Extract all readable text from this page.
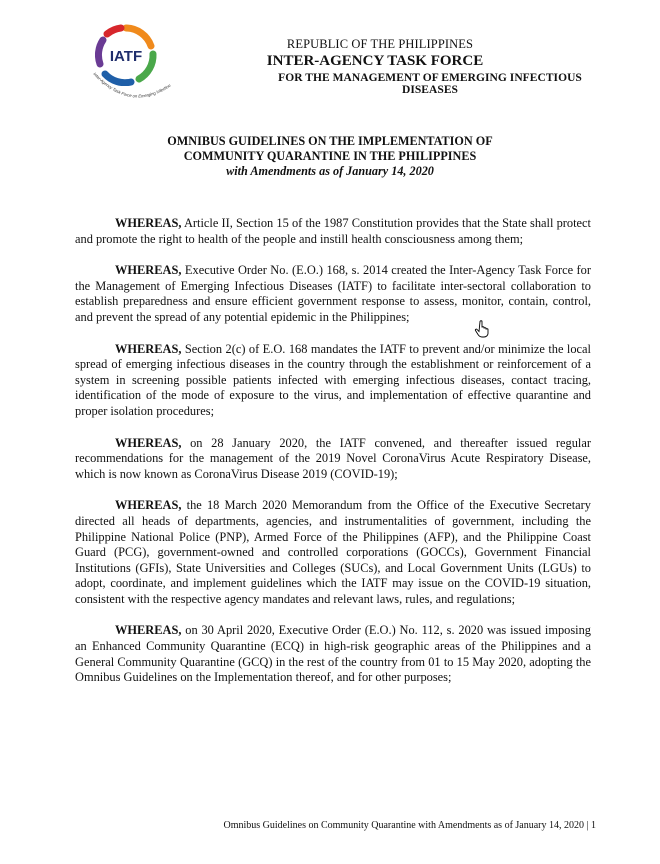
IATF
Inter-Agency Task Force on Emerging Infectiou
REPUBLIC OF THE PHILIPPINES
INTER-AGENCY TASK FORCE
FOR THE MANAGEMENT OF EMERGING INFECTIOUS DISEASES
OMNIBUS GUIDELINES ON THE IMPLEMENTATION OF
COMMUNITY QUARANTINE IN THE PHILIPPINES
with Amendments as of January 14, 2020

WHEREAS, Article II, Section 15 of the 1987 Constitution provides that the State shall protect and promote the right to health of the people and instill health consciousness among them;

WHEREAS, Executive Order No. (E.O.) 168, s. 2014 created the Inter-Agency Task Force for the Management of Emerging Infectious Diseases (IATF) to facilitate inter-sectoral collaboration to establish preparedness and ensure efficient government response to assess, monitor, contain, control, and prevent the spread of any potential epidemic in the Philippines;

WHEREAS, Section 2(c) of E.O. 168 mandates the IATF to prevent and/or minimize the local spread of emerging infectious diseases in the country through the establishment or reinforcement of a system in screening possible patients infected with emerging infectious diseases, contact tracing, identification of the mode of exposure to the virus, and implementation of effective quarantine and proper isolation procedures;

WHEREAS, on 28 January 2020, the IATF convened, and thereafter issued regular recommendations for the management of the 2019 Novel CoronaVirus Acute Respiratory Disease, which is now known as CoronaVirus Disease 2019 (COVID-19);

WHEREAS, the 18 March 2020 Memorandum from the Office of the Executive Secretary directed all heads of departments, agencies, and instrumentalities of government, including the Philippine National Police (PNP), Armed Force of the Philippines (AFP), and the Philippine Coast Guard (PCG), government-owned and controlled corporations (GOCCs), Government Financial Institutions (GFIs), State Universities and Colleges (SUCs), and Local Government Units (LGUs) to adopt, coordinate, and implement guidelines which the IATF may issue on the COVID-19 situation, consistent with the respective agency mandates and relevant laws, rules, and regulations;

WHEREAS, on 30 April 2020, Executive Order (E.O.) No. 112, s. 2020 was issued imposing an Enhanced Community Quarantine (ECQ) in high-risk geographic areas of the Philippines and a General Community Quarantine (GCQ) in the rest of the country from 01 to 15 May 2020, adopting the Omnibus Guidelines on the Implementation thereof, and for other purposes;

Omnibus Guidelines on Community Quarantine with Amendments as of January 14, 2020 | 1
